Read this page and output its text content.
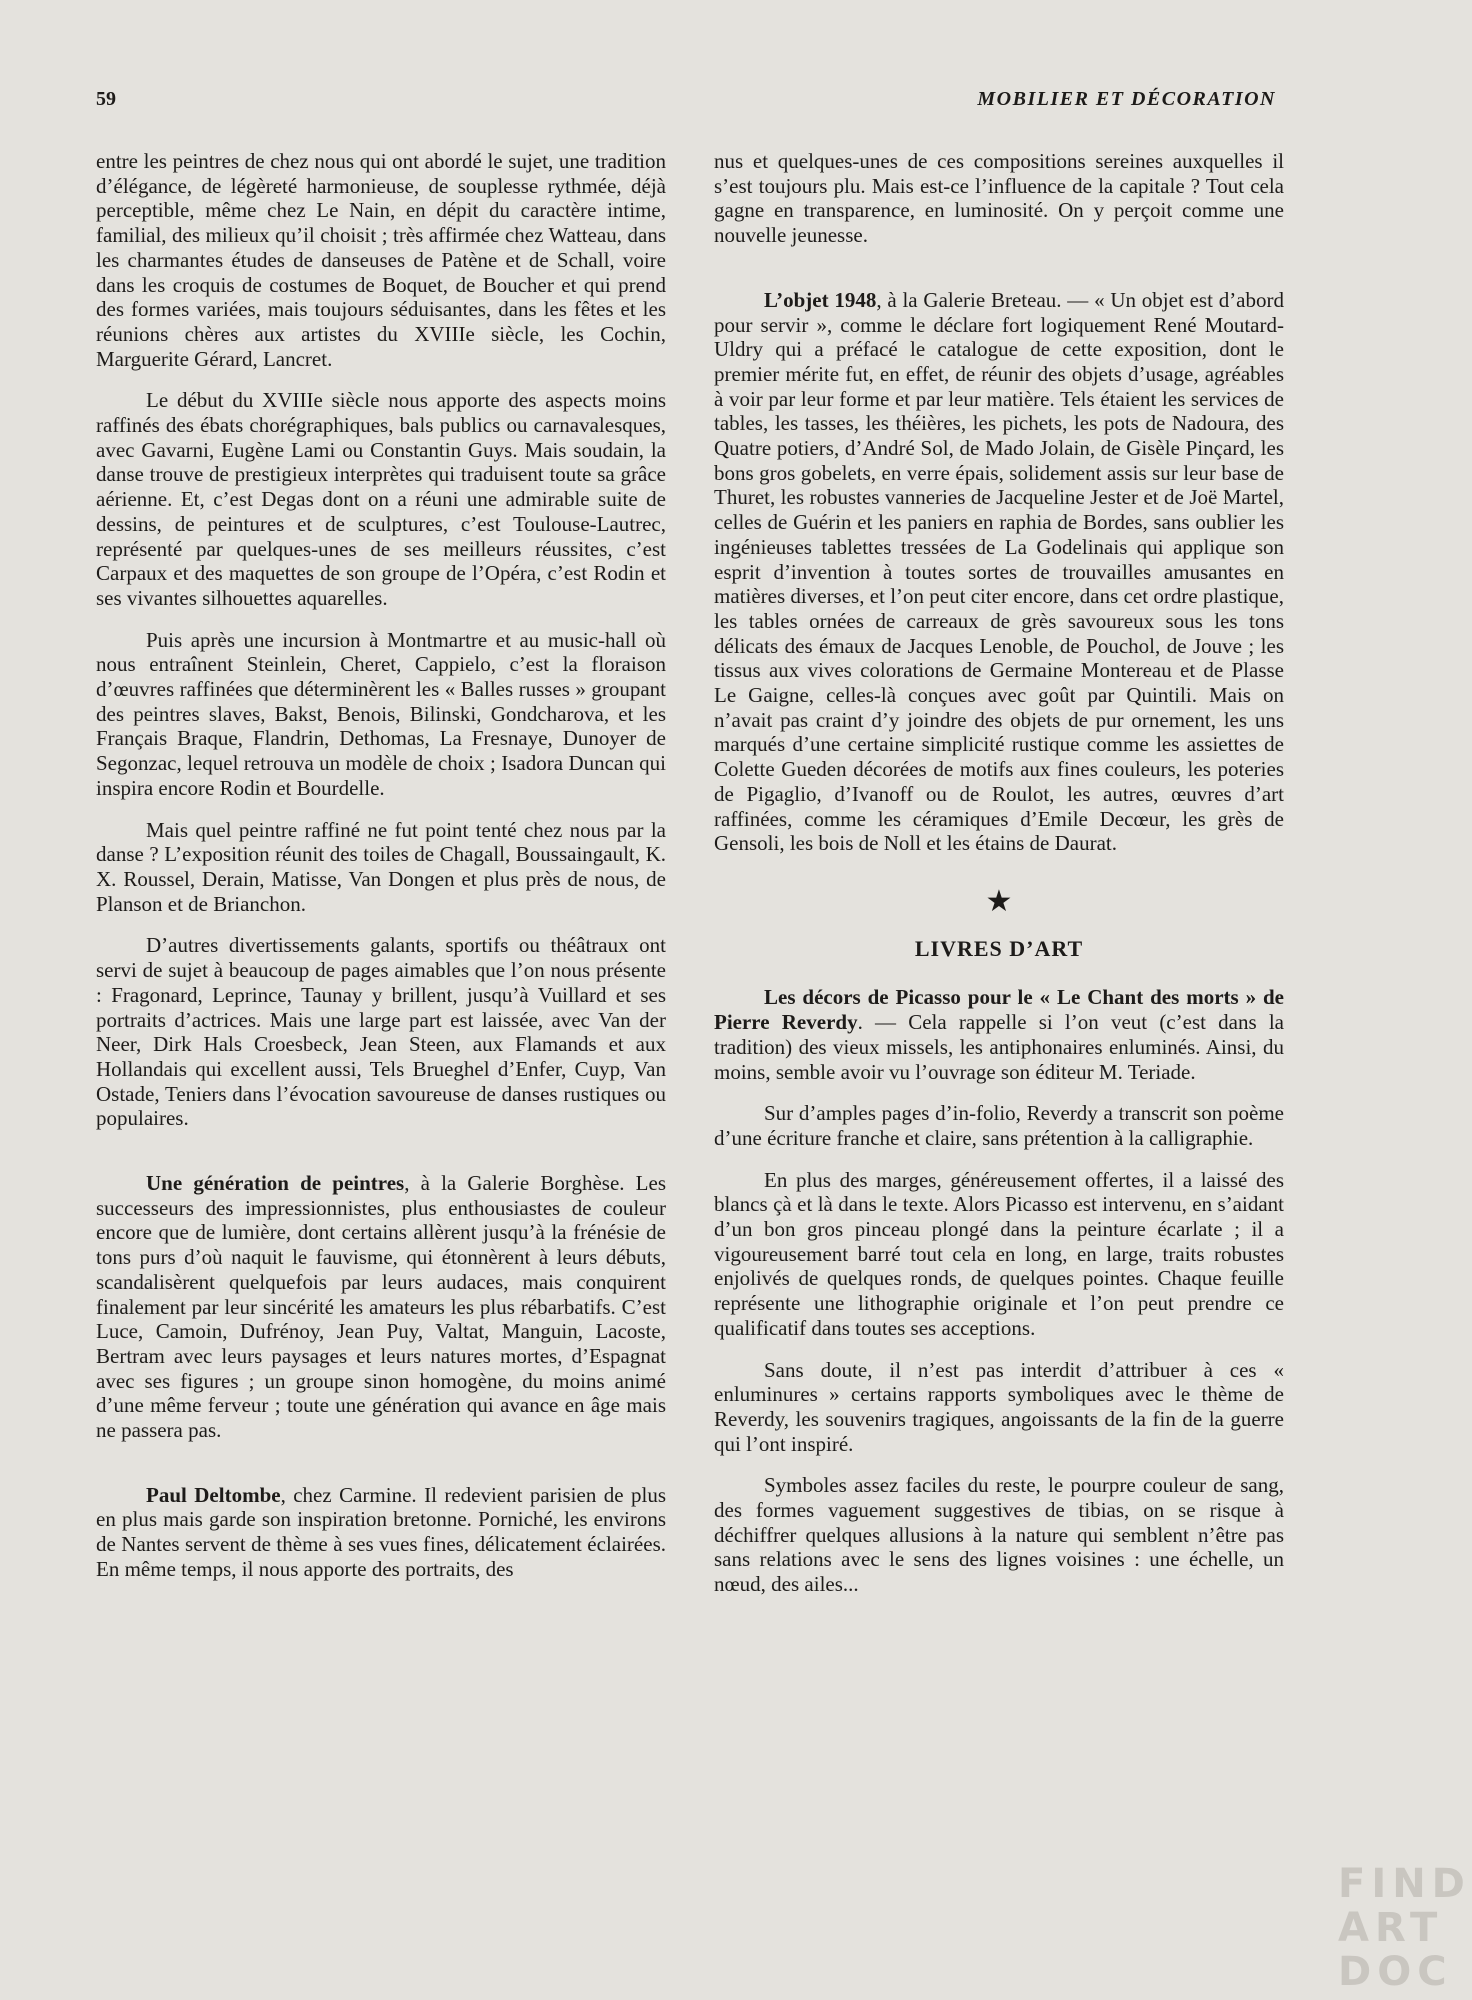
59	MOBILIER ET DÉCORATION

entre les peintres de chez nous qui ont abordé le sujet, une tradition d’élégance, de légèreté harmonieuse, de souplesse rythmée, déjà perceptible, même chez Le Nain, en dépit du caractère intime, familial, des milieux qu’il choisit ; très affirmée chez Watteau, dans les charmantes études de danseuses de Patène et de Schall, voire dans les croquis de costumes de Boquet, de Boucher et qui prend des formes variées, mais toujours séduisantes, dans les fêtes et les réunions chères aux artistes du XVIIIe siècle, les Cochin, Marguerite Gérard, Lancret.

Le début du XVIIIe siècle nous apporte des aspects moins raffinés des ébats chorégraphiques, bals publics ou carnavalesques, avec Gavarni, Eugène Lami ou Constantin Guys. Mais soudain, la danse trouve de prestigieux interprètes qui traduisent toute sa grâce aérienne. Et, c’est Degas dont on a réuni une admirable suite de dessins, de peintures et de sculptures, c’est Toulouse-Lautrec, représenté par quelques-unes de ses meilleurs réussites, c’est Carpaux et des maquettes de son groupe de l’Opéra, c’est Rodin et ses vivantes silhouettes aquarelles.

Puis après une incursion à Montmartre et au music-hall où nous entraînent Steinlein, Cheret, Cappielo, c’est la floraison d’œuvres raffinées que déterminèrent les « Balles russes » groupant des peintres slaves, Bakst, Benois, Bilinski, Gondcharova, et les Français Braque, Flandrin, Dethomas, La Fresnaye, Dunoyer de Segonzac, lequel retrouva un modèle de choix ; Isadora Duncan qui inspira encore Rodin et Bourdelle.

Mais quel peintre raffiné ne fut point tenté chez nous par la danse ? L’exposition réunit des toiles de Chagall, Boussaingault, K. X. Roussel, Derain, Matisse, Van Dongen et plus près de nous, de Planson et de Brianchon.

D’autres divertissements galants, sportifs ou théâtraux ont servi de sujet à beaucoup de pages aimables que l’on nous présente : Fragonard, Leprince, Taunay y brillent, jusqu’à Vuillard et ses portraits d’actrices. Mais une large part est laissée, avec Van der Neer, Dirk Hals Croesbeck, Jean Steen, aux Flamands et aux Hollandais qui excellent aussi, Tels Brueghel d’Enfer, Cuyp, Van Ostade, Teniers dans l’évocation savoureuse de danses rustiques ou populaires.

Une génération de peintres, à la Galerie Borghèse. Les successeurs des impressionnistes, plus enthousiastes de couleur encore que de lumière, dont certains allèrent jusqu’à la frénésie de tons purs d’où naquit le fauvisme, qui étonnèrent à leurs débuts, scandalisèrent quelquefois par leurs audaces, mais conquirent finalement par leur sincérité les amateurs les plus rébarbatifs. C’est Luce, Camoin, Dufrénoy, Jean Puy, Valtat, Manguin, Lacoste, Bertram avec leurs paysages et leurs natures mortes, d’Espagnat avec ses figures ; un groupe sinon homogène, du moins animé d’une même ferveur ; toute une génération qui avance en âge mais ne passera pas.

Paul Deltombe, chez Carmine. Il redevient parisien de plus en plus mais garde son inspiration bretonne. Porniché, les environs de Nantes servent de thème à ses vues fines, délicatement éclairées. En même temps, il nous apporte des portraits, des

nus et quelques-unes de ces compositions sereines auxquelles il s’est toujours plu. Mais est-ce l’influence de la capitale ? Tout cela gagne en transparence, en luminosité. On y perçoit comme une nouvelle jeunesse.

L’objet 1948, à la Galerie Breteau. — « Un objet est d’abord pour servir », comme le déclare fort logiquement René Moutard-Uldry qui a préfacé le catalogue de cette exposition, dont le premier mérite fut, en effet, de réunir des objets d’usage, agréables à voir par leur forme et par leur matière. Tels étaient les services de tables, les tasses, les théières, les pichets, les pots de Nadoura, des Quatre potiers, d’André Sol, de Mado Jolain, de Gisèle Pinçard, les bons gros gobelets, en verre épais, solidement assis sur leur base de Thuret, les robustes vanneries de Jacqueline Jester et de Joë Martel, celles de Guérin et les paniers en raphia de Bordes, sans oublier les ingénieuses tablettes tressées de La Godelinais qui applique son esprit d’invention à toutes sortes de trouvailles amusantes en matières diverses, et l’on peut citer encore, dans cet ordre plastique, les tables ornées de carreaux de grès savoureux sous les tons délicats des émaux de Jacques Lenoble, de Pouchol, de Jouve ; les tissus aux vives colorations de Germaine Montereau et de Plasse Le Gaigne, celles-là conçues avec goût par Quintili. Mais on n’avait pas craint d’y joindre des objets de pur ornement, les uns marqués d’une certaine simplicité rustique comme les assiettes de Colette Gueden décorées de motifs aux fines couleurs, les poteries de Pigaglio, d’Ivanoff ou de Roulot, les autres, œuvres d’art raffinées, comme les céramiques d’Emile Decœur, les grès de Gensoli, les bois de Noll et les étains de Daurat.

★
LIVRES D’ART

Les décors de Picasso pour le « Le Chant des morts » de Pierre Reverdy. — Cela rappelle si l’on veut (c’est dans la tradition) des vieux missels, les antiphonaires enluminés. Ainsi, du moins, semble avoir vu l’ouvrage son éditeur M. Teriade.

Sur d’amples pages d’in-folio, Reverdy a transcrit son poème d’une écriture franche et claire, sans prétention à la calligraphie.

En plus des marges, généreusement offertes, il a laissé des blancs çà et là dans le texte. Alors Picasso est intervenu, en s’aidant d’un bon gros pinceau plongé dans la peinture écarlate ; il a vigoureusement barré tout cela en long, en large, traits robustes enjolivés de quelques ronds, de quelques pointes. Chaque feuille représente une lithographie originale et l’on peut prendre ce qualificatif dans toutes ses acceptions.

Sans doute, il n’est pas interdit d’attribuer à ces « enluminures » certains rapports symboliques avec le thème de Reverdy, les souvenirs tragiques, angoissants de la fin de la guerre qui l’ont inspiré.

Symboles assez faciles du reste, le pourpre couleur de sang, des formes vaguement suggestives de tibias, on se risque à déchiffrer quelques allusions à la nature qui semblent n’être pas sans relations avec le sens des lignes voisines : une échelle, un nœud, des ailes...

FIND
ART
DOC
